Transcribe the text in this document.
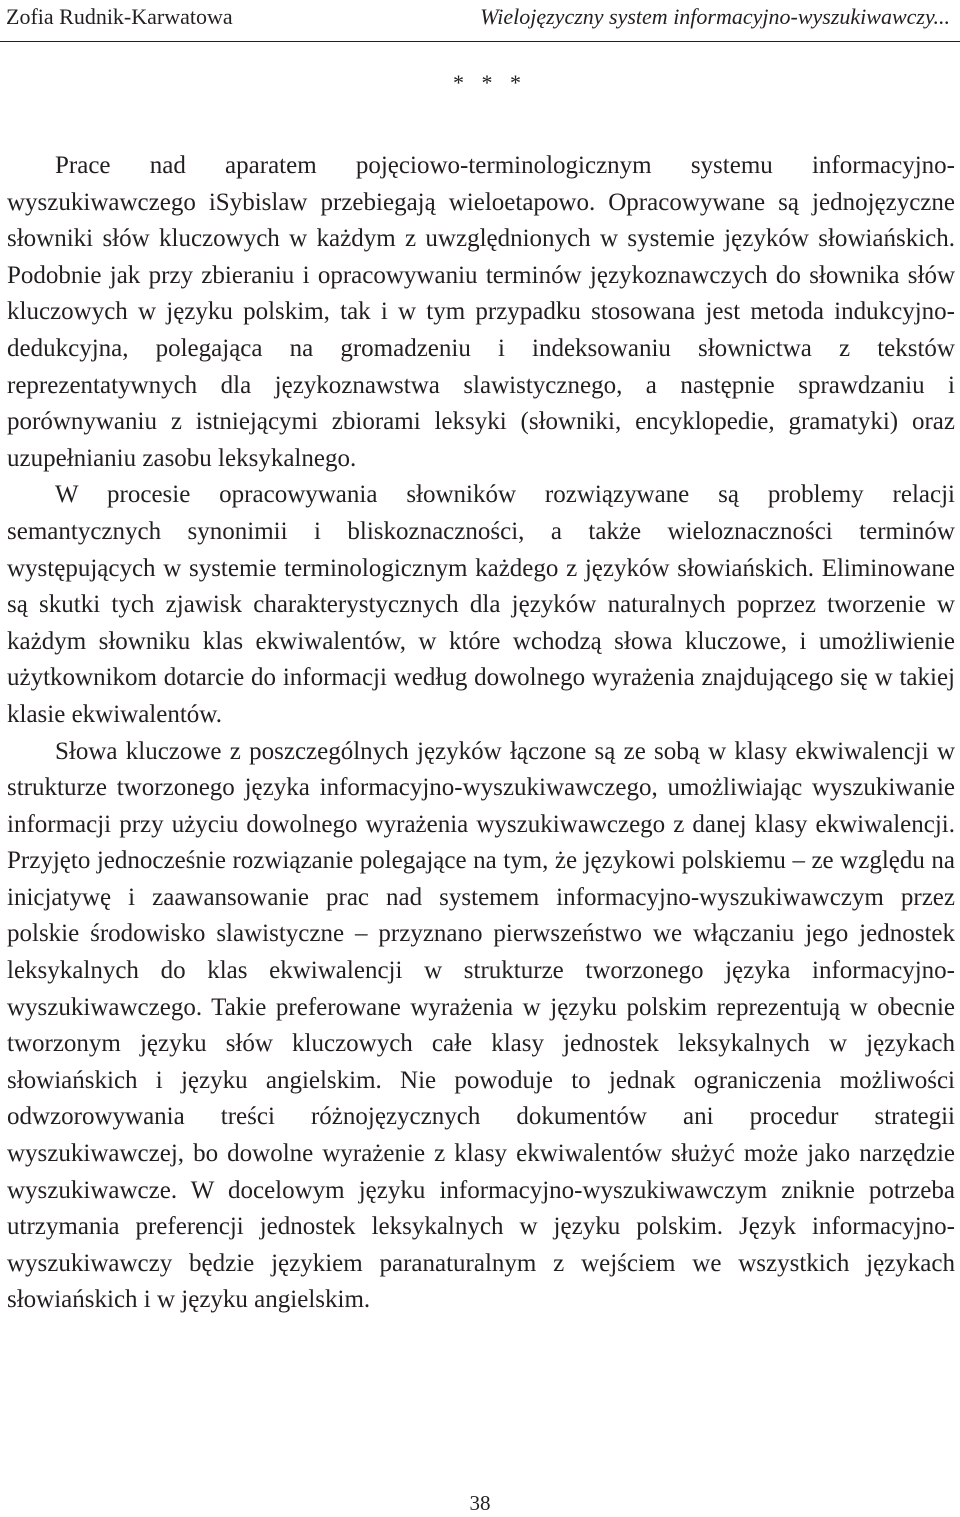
Zofia Rudnik-Karwatowa	Wielojęzyczny system informacyjno-wyszukiwawczy...
* * *

Prace nad aparatem pojęciowo-terminologicznym systemu informacyjno-wyszukiwawczego iSybislaw przebiegają wieloetapowo. Opracowywane są jednojęzyczne słowniki słów kluczowych w każdym z uwzględnionych w systemie języków słowiańskich. Podobnie jak przy zbieraniu i opracowywaniu terminów językoznawczych do słownika słów kluczowych w języku polskim, tak i w tym przypadku stosowana jest metoda indukcyjno-dedukcyjna, polegająca na gromadzeniu i indeksowaniu słownictwa z tekstów reprezentatywnych dla językoznawstwa slawistycznego, a następnie sprawdzaniu i porównywaniu z istniejącymi zbiorami leksyki (słowniki, encyklopedie, gramatyki) oraz uzupełnianiu zasobu leksykalnego.

W procesie opracowywania słowników rozwiązywane są problemy relacji semantycznych synonimii i bliskoznaczności, a także wieloznaczności terminów występujących w systemie terminologicznym każdego z języków słowiańskich. Eliminowane są skutki tych zjawisk charakterystycznych dla języków naturalnych poprzez tworzenie w każdym słowniku klas ekwiwalentów, w które wchodzą słowa kluczowe, i umożliwienie użytkownikom dotarcie do informacji według dowolnego wyrażenia znajdującego się w takiej klasie ekwiwalentów.

Słowa kluczowe z poszczególnych języków łączone są ze sobą w klasy ekwiwalencji w strukturze tworzonego języka informacyjno-wyszukiwawczego, umożliwiając wyszukiwanie informacji przy użyciu dowolnego wyrażenia wyszukiwawczego z danej klasy ekwiwalencji. Przyjęto jednocześnie rozwiązanie polegające na tym, że językowi polskiemu – ze względu na inicjatywę i zaawansowanie prac nad systemem informacyjno-wyszukiwawczym przez polskie środowisko slawistyczne – przyznano pierwszeństwo we włączaniu jego jednostek leksykalnych do klas ekwiwalencji w strukturze tworzonego języka informacyjno-wyszukiwawczego. Takie preferowane wyrażenia w języku polskim reprezentują w obecnie tworzonym języku słów kluczowych całe klasy jednostek leksykalnych w językach słowiańskich i języku angielskim. Nie powoduje to jednak ograniczenia możliwości odwzorowywania treści różnojęzycznych dokumentów ani procedur strategii wyszukiwawczej, bo dowolne wyrażenie z klasy ekwiwalentów służyć może jako narzędzie wyszukiwawcze. W docelowym języku informacyjno-wyszukiwawczym zniknie potrzeba utrzymania preferencji jednostek leksykalnych w języku polskim. Język informacyjno-wyszukiwawczy będzie językiem paranaturalnym z wejściem we wszystkich językach słowiańskich i w języku angielskim.

38
